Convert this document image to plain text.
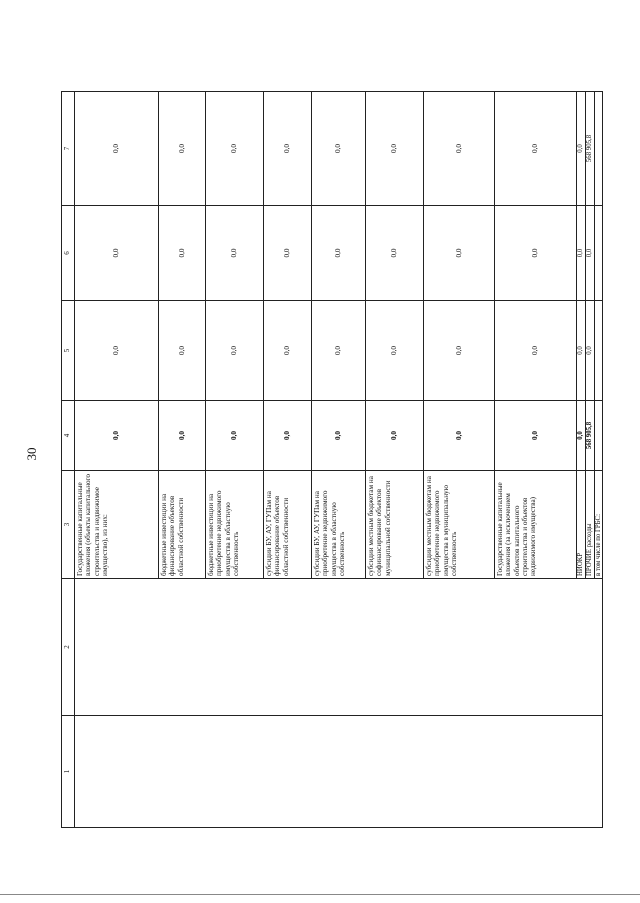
30
1	2	3	4	5	6	7
		Государственные капитальные вложения (объекты капитального строительства и недвижимое имущество), из них:	0,0	0,0	0,0	0,0
		бюджетные инвестиции на финансирование объектов областной собственности	0,0	0,0	0,0	0,0
		бюджетные инвестиции на приобретение недвижимого имущества в областную собственность	0,0	0,0	0,0	0,0
		субсидии БУ, АУ, ГУПам на финансирование объектов областной собственности	0,0	0,0	0,0	0,0
		субсидии БУ, АУ, ГУПам на приобретение недвижимого имущества в областную собственность	0,0	0,0	0,0	0,0
		субсидии местным бюджетам на софинансирование объектов муниципальной собственности	0,0	0,0	0,0	0,0
		субсидии местным бюджетам на приобретение недвижимого имущества в муниципальную собственность	0,0	0,0	0,0	0,0
		Государственные капитальные вложения (за исключением объектов капитального строительства и объектов недвижимого имущества)	0,0	0,0	0,0	0,0
		НИОКР	0,0	0,0	0,0	0,0
		ПРОЧИЕ расходы	568 905,8	0,0	0,0	568 905,8
		в том числе по ГРБС:				
